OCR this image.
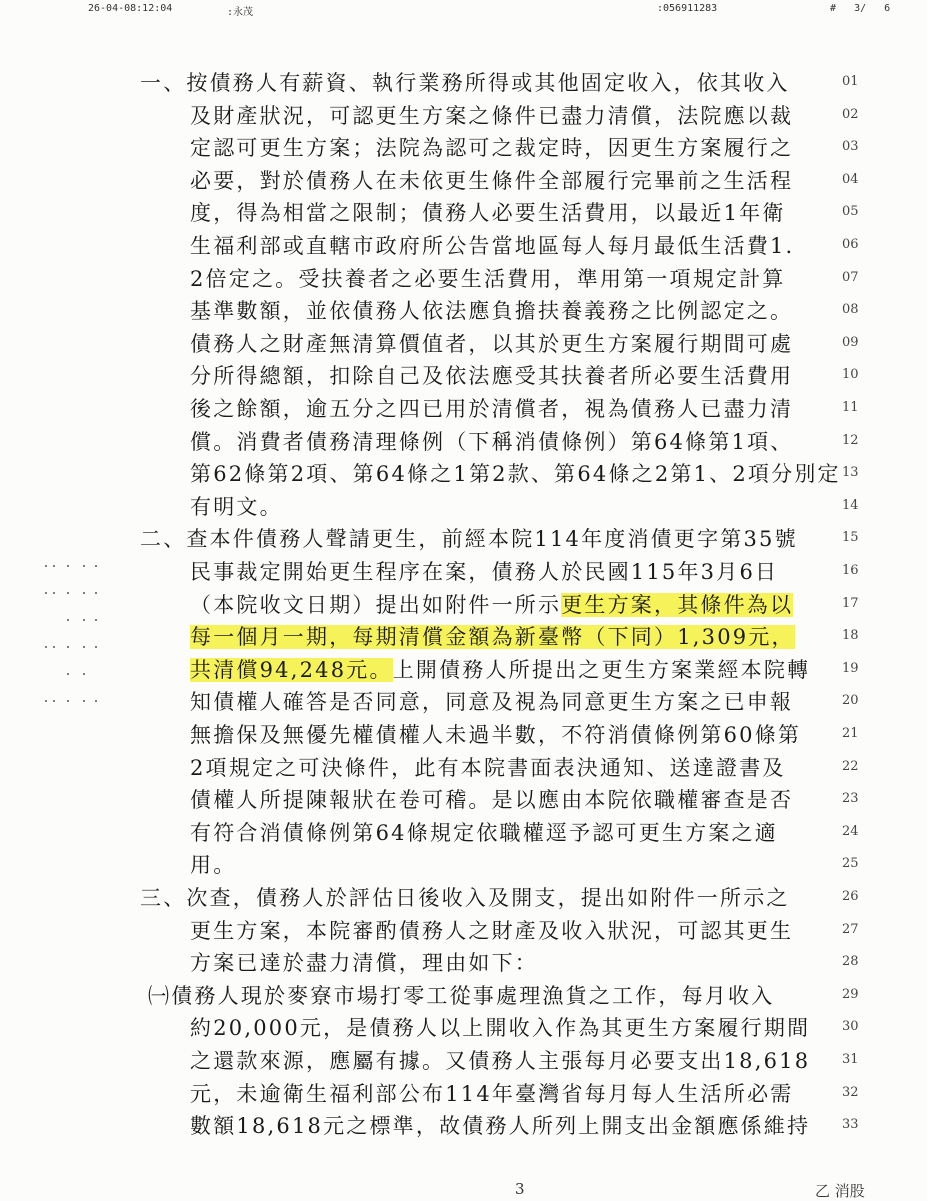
26-04-08:12:04	:永茂	:056911283	#   3/   6
一、按債務人有薪資、執行業務所得或其他固定收入，依其收入	01
及財產狀況，可認更生方案之條件已盡力清償，法院應以裁	02
定認可更生方案；法院為認可之裁定時，因更生方案履行之	03
必要，對於債務人在未依更生條件全部履行完畢前之生活程	04
度，得為相當之限制；債務人必要生活費用，以最近1年衛	05
生福利部或直轄市政府所公告當地區每人每月最低生活費1.	06
2倍定之。受扶養者之必要生活費用，準用第一項規定計算	07
基準數額，並依債務人依法應負擔扶養義務之比例認定之。	08
債務人之財產無清算價值者，以其於更生方案履行期間可處	09
分所得總額，扣除自己及依法應受其扶養者所必要生活費用	10
後之餘額，逾五分之四已用於清償者，視為債務人已盡力清	11
償。消費者債務清理條例（下稱消債條例）第64條第1項、	12
第62條第2項、第64條之1第2款、第64條之2第1、2項分別定 13
有明文。	14
二、查本件債務人聲請更生，前經本院114年度消債更字第35號	15
民事裁定開始更生程序在案，債務人於民國115年3月6日	16
（本院收文日期）提出如附件一所示更生方案，其條件為以	17
每一個月一期，每期清償金額為新臺幣（下同）1,309元，	18
共清償94,248元。上開債務人所提出之更生方案業經本院轉 19
知債權人確答是否同意，同意及視為同意更生方案之已申報	20
無擔保及無優先權債權人未過半數，不符消債條例第60條第	21
2項規定之可決條件，此有本院書面表決通知、送達證書及	22
債權人所提陳報狀在卷可稽。是以應由本院依職權審查是否	23
有符合消債條例第64條規定依職權逕予認可更生方案之適	24
用。	25
三、次查，債務人於評估日後收入及開支，提出如附件一所示之	26
更生方案，本院審酌債務人之財產及收入狀況，可認其更生	27
方案已達於盡力清償，理由如下：	28
㈠債務人現於麥寮市場打零工從事處理漁貨之工作，每月收入	29
約20,000元，是債務人以上開收入作為其更生方案履行期間 30
之還款來源，應屬有據。又債務人主張每月必要支出18,618 31
元，未逾衛生福利部公布114年臺灣省每月每人生活所必需	32
數額18,618元之標準，故債務人所列上開支出金額應係維持 33
3	乙 消股
